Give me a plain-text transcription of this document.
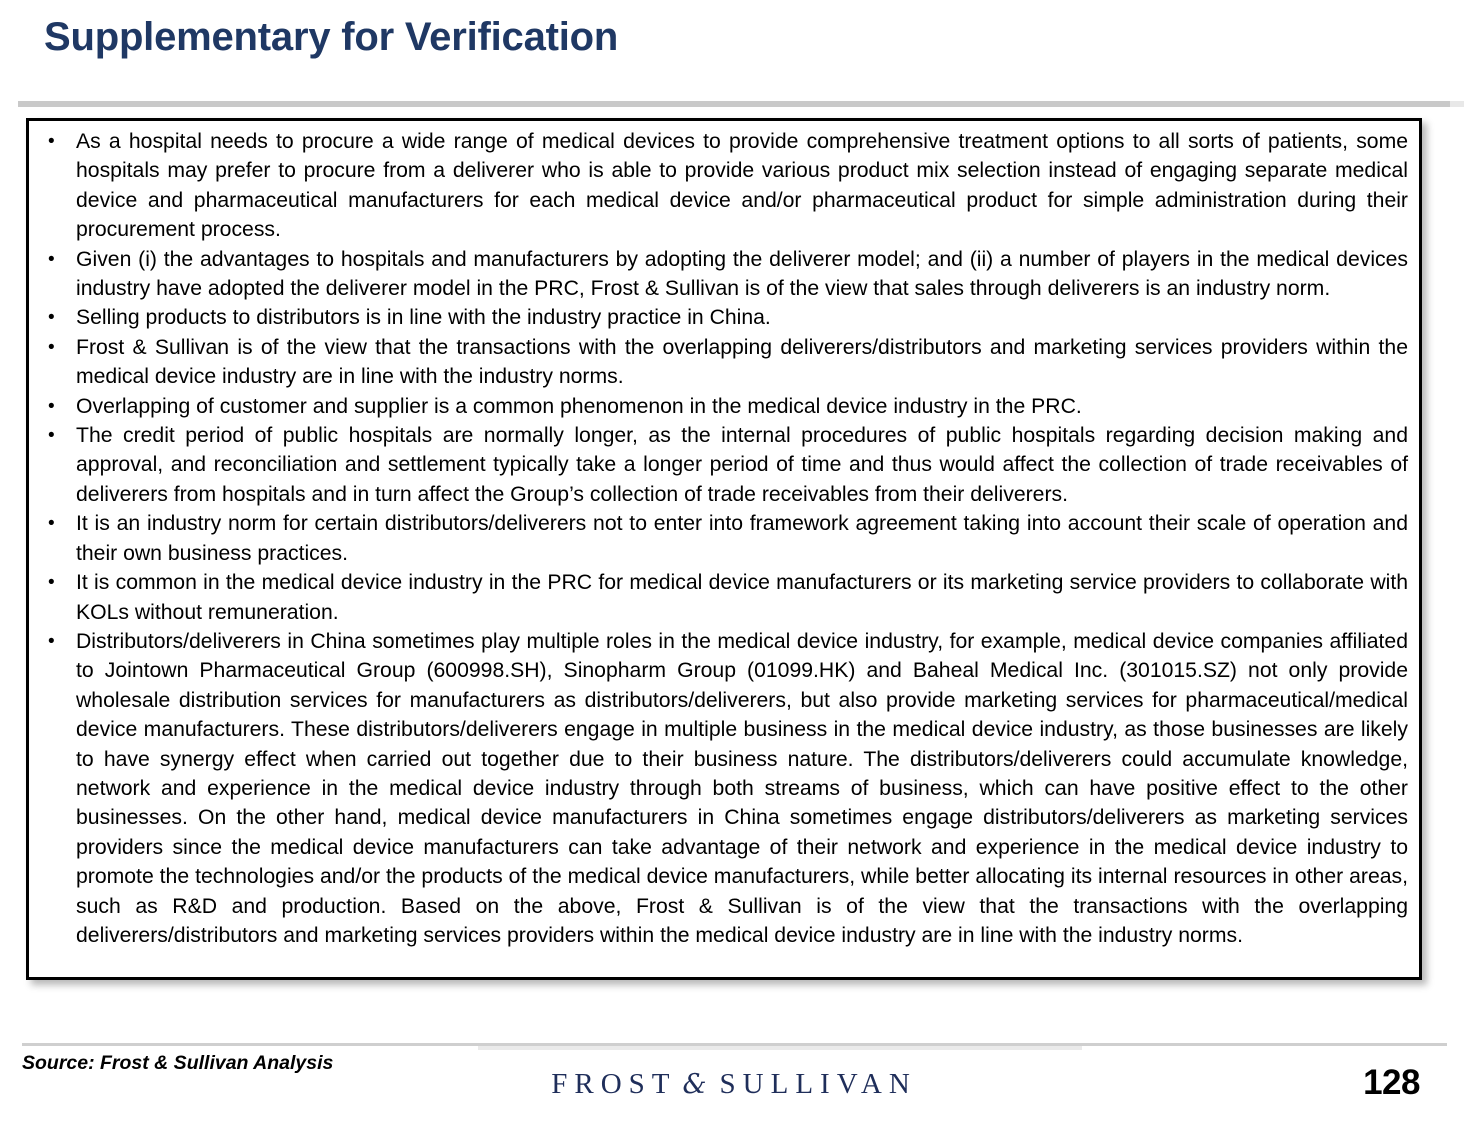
Supplementary for Verification
• As a hospital needs to procure a wide range of medical devices to provide comprehensive treatment options to all sorts of patients, some hospitals may prefer to procure from a deliverer who is able to provide various product mix selection instead of engaging separate medical device and pharmaceutical manufacturers for each medical device and/or pharmaceutical product for simple administration during their procurement process.
• Given (i) the advantages to hospitals and manufacturers by adopting the deliverer model; and (ii) a number of players in the medical devices industry have adopted the deliverer model in the PRC, Frost & Sullivan is of the view that sales through deliverers is an industry norm.
• Selling products to distributors is in line with the industry practice in China.
• Frost & Sullivan is of the view that the transactions with the overlapping deliverers/distributors and marketing services providers within the medical device industry are in line with the industry norms.
• Overlapping of customer and supplier is a common phenomenon in the medical device industry in the PRC.
• The credit period of public hospitals are normally longer, as the internal procedures of public hospitals regarding decision making and approval, and reconciliation and settlement typically take a longer period of time and thus would affect the collection of trade receivables of deliverers from hospitals and in turn affect the Group’s collection of trade receivables from their deliverers.
• It is an industry norm for certain distributors/deliverers not to enter into framework agreement taking into account their scale of operation and their own business practices.
• It is common in the medical device industry in the PRC for medical device manufacturers or its marketing service providers to collaborate with KOLs without remuneration.
• Distributors/deliverers in China sometimes play multiple roles in the medical device industry, for example, medical device companies affiliated to Jointown Pharmaceutical Group (600998.SH), Sinopharm Group (01099.HK) and Baheal Medical Inc. (301015.SZ) not only provide wholesale distribution services for manufacturers as distributors/deliverers, but also provide marketing services for pharmaceutical/medical device manufacturers. These distributors/deliverers engage in multiple business in the medical device industry, as those businesses are likely to have synergy effect when carried out together due to their business nature. The distributors/deliverers could accumulate knowledge, network and experience in the medical device industry through both streams of business, which can have positive effect to the other businesses. On the other hand, medical device manufacturers in China sometimes engage distributors/deliverers as marketing services providers since the medical device manufacturers can take advantage of their network and experience in the medical device industry to promote the technologies and/or the products of the medical device manufacturers, while better allocating its internal resources in other areas, such as R&D and production. Based on the above, Frost & Sullivan is of the view that the transactions with the overlapping deliverers/distributors and marketing services providers within the medical device industry are in line with the industry norms.
Source: Frost & Sullivan Analysis
FROST & SULLIVAN	128
